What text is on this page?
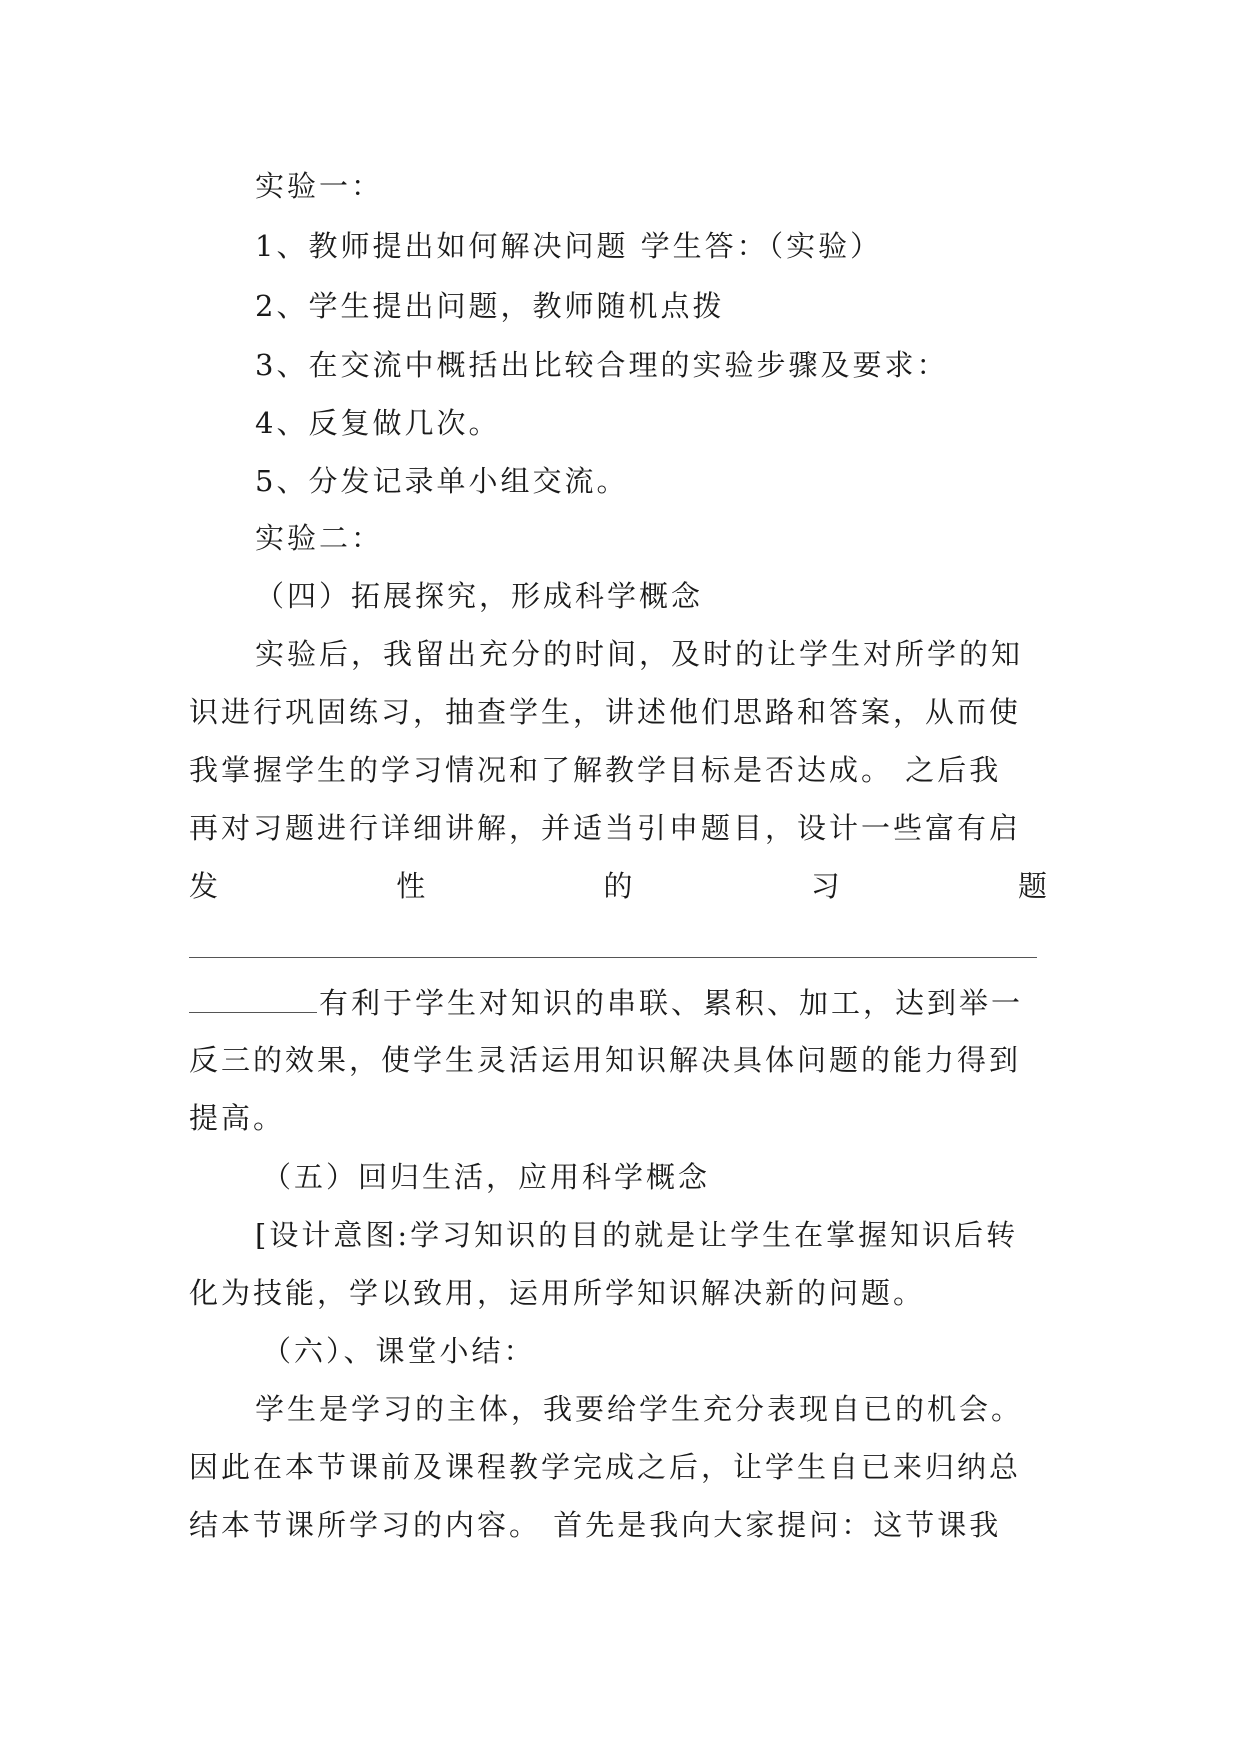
实验一：
1、教师提出如何解决问题 学生答：（实验）
2、学生提出问题，教师随机点拨
3、在交流中概括出比较合理的实验步骤及要求：
4、反复做几次。
5、分发记录单小组交流。
实验二：
（四）拓展探究，形成科学概念
实验后，我留出充分的时间，及时的让学生对所学的知
识进行巩固练习，抽查学生，讲述他们思路和答案，从而使
我掌握学生的学习情况和了解教学目标是否达成。 之后我
再对习题进行详细讲解，并适当引申题目，设计一些富有启
发	性	的	习	题
有利于学生对知识的串联、累积、加工，达到举一
反三的效果，使学生灵活运用知识解决具体问题的能力得到
提高。
（五）回归生活，应用科学概念
[设计意图:学习知识的目的就是让学生在掌握知识后转
化为技能，学以致用，运用所学知识解决新的问题。
（六）、课堂小结：
学生是学习的主体，我要给学生充分表现自已的机会。
因此在本节课前及课程教学完成之后，让学生自已来归纳总
结本节课所学习的内容。 首先是我向大家提问：这节课我
